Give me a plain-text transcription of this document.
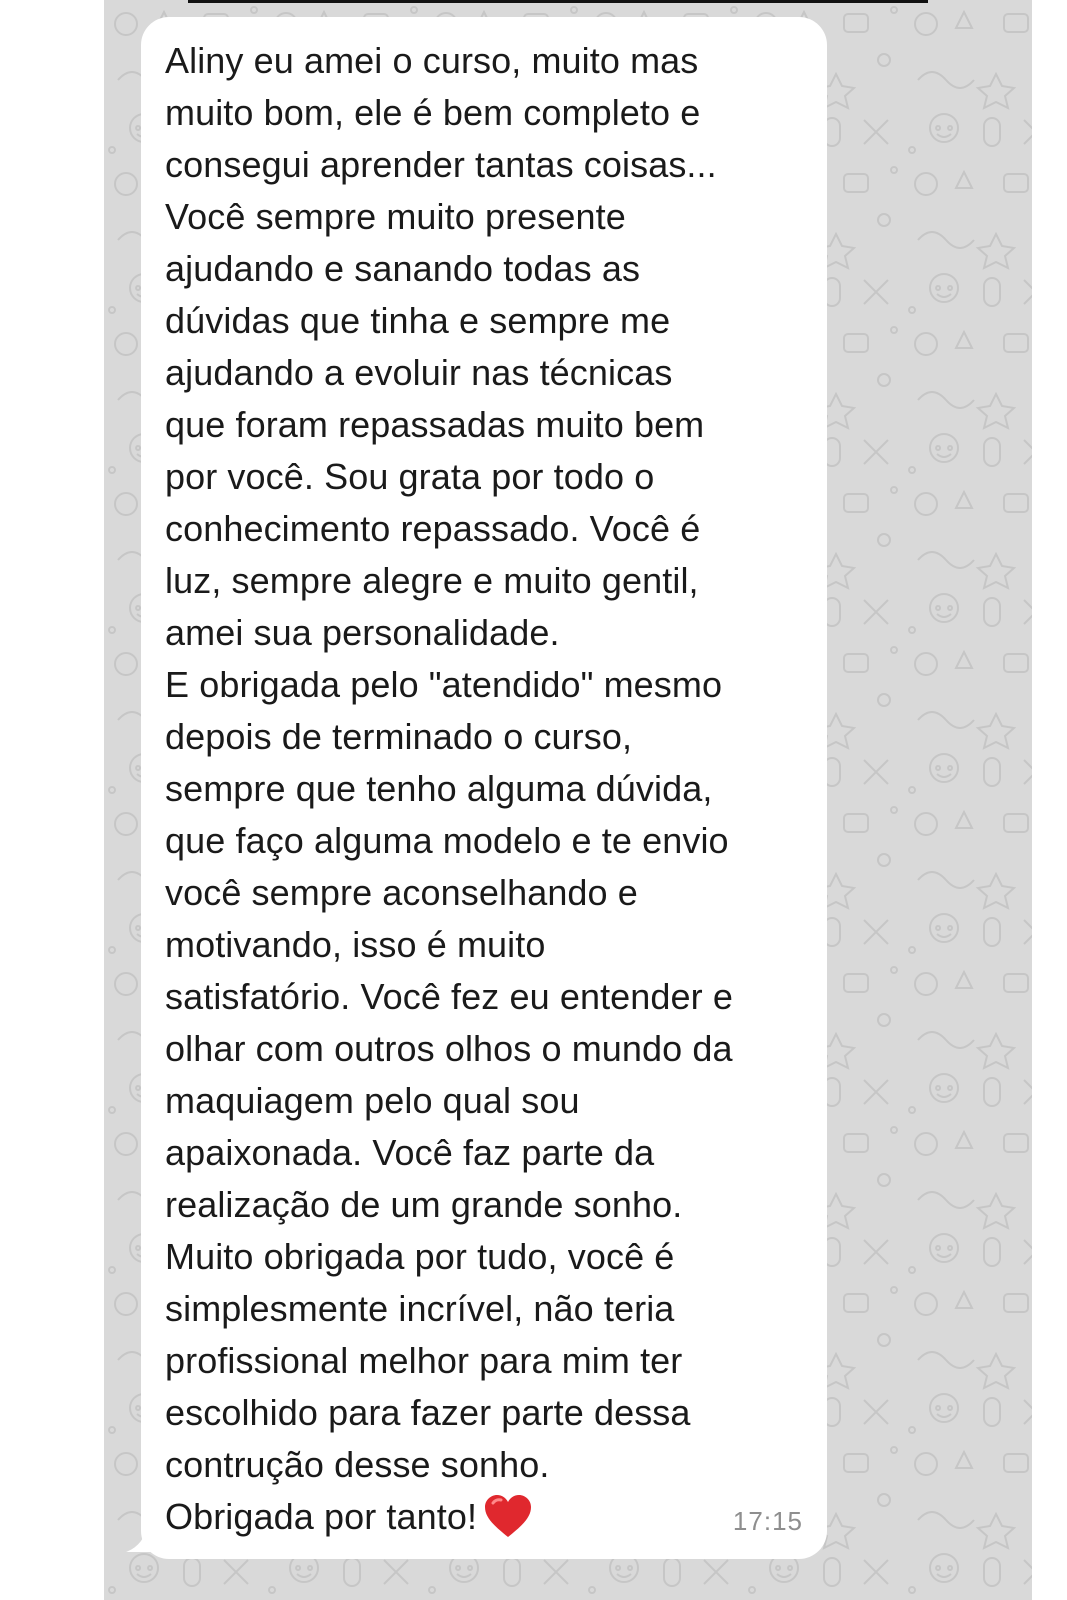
Aliny eu amei o curso, muito mas
muito bom, ele é bem completo e
consegui aprender tantas coisas...
Você sempre muito presente
ajudando e sanando todas as
dúvidas que tinha e sempre me
ajudando a evoluir nas técnicas
que foram repassadas muito bem
por você. Sou grata por todo o
conhecimento repassado. Você é
luz, sempre alegre e muito gentil,
amei sua personalidade.
E obrigada pelo "atendido" mesmo
depois de terminado o curso,
sempre que tenho alguma dúvida,
que faço alguma modelo e te envio
você sempre aconselhando e
motivando, isso é muito
satisfatório. Você fez eu entender e
olhar com outros olhos o mundo da
maquiagem pelo qual sou
apaixonada. Você faz parte da
realização de um grande sonho.
Muito obrigada por tudo, você é
simplesmente incrível, não teria
profissional melhor para mim ter
escolhido para fazer parte dessa
contrução desse sonho.
Obrigada por tanto!	17:15
